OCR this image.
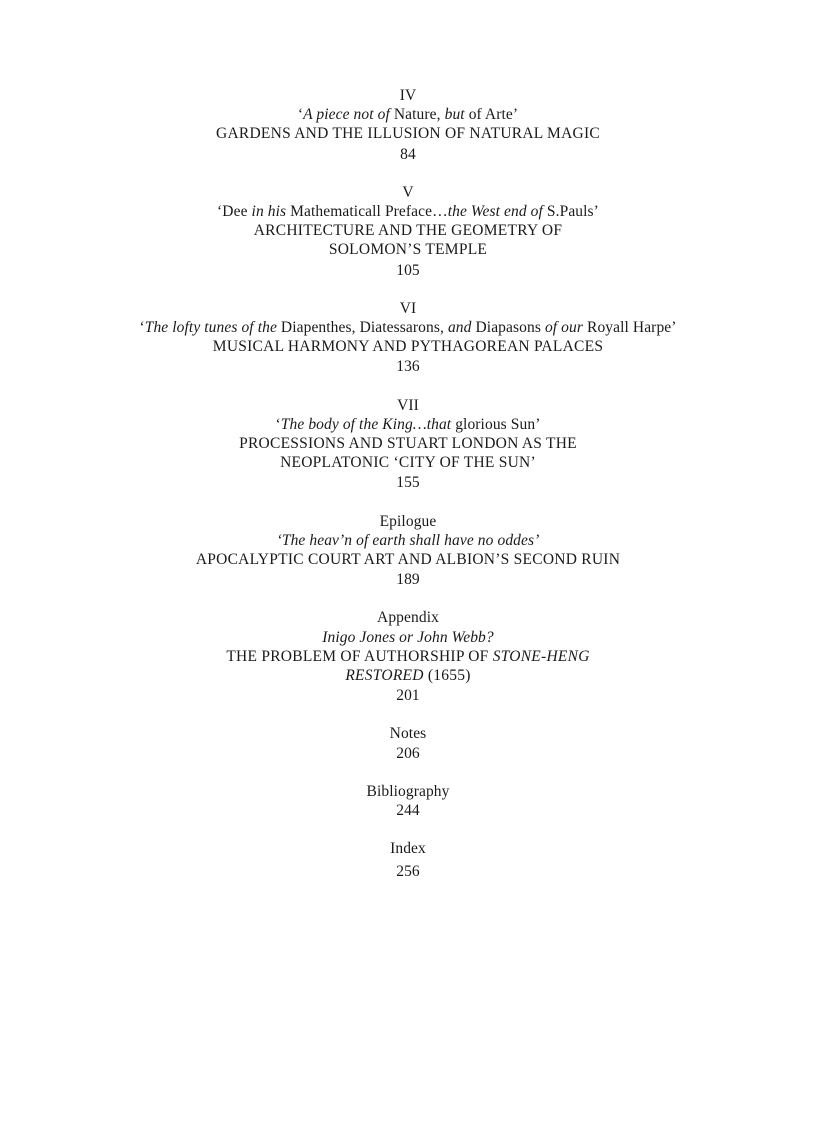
IV
‘A piece not of Nature, but of Arte’
GARDENS AND THE ILLUSION OF NATURAL MAGIC
84
V
‘Dee in his Mathematicall Preface…the West end of S.Pauls’
ARCHITECTURE AND THE GEOMETRY OF
SOLOMON’S TEMPLE
105
VI
‘The lofty tunes of the Diapenthes, Diatessarons, and Diapasons of our Royall Harpe’
MUSICAL HARMONY AND PYTHAGOREAN PALACES
136
VII
‘The body of the King…that glorious Sun’
PROCESSIONS AND STUART LONDON AS THE
NEOPLATONIC ‘CITY OF THE SUN’
155
Epilogue
‘The heav’n of earth shall have no oddes’
APOCALYPTIC COURT ART AND ALBION’S SECOND RUIN
189
Appendix
Inigo Jones or John Webb?
THE PROBLEM OF AUTHORSHIP OF STONE-HENG
RESTORED (1655)
201
Notes
206
Bibliography
244
Index
256
